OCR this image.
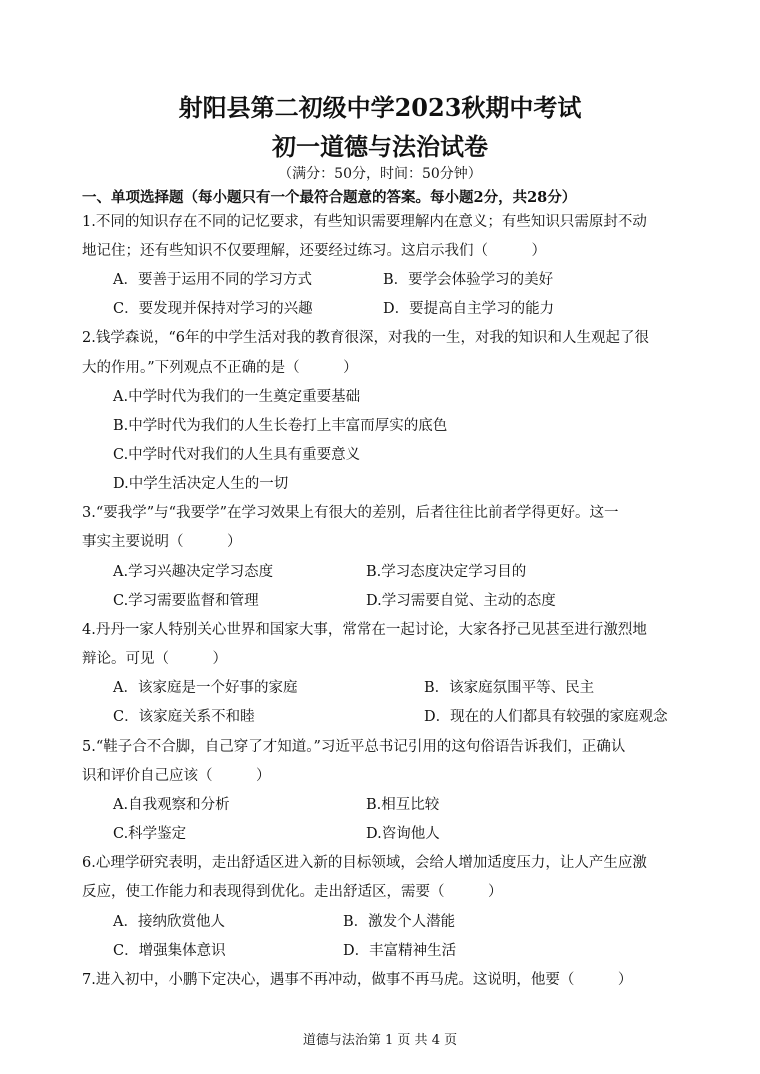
射阳县第二初级中学2023秋期中考试
初一道德与法治试卷
（满分：50分，时间：50分钟）
一、单项选择题（每小题只有一个最符合题意的答案。每小题2分，共28分）
1.不同的知识存在不同的记忆要求，有些知识需要理解内在意义；有些知识只需原封不动
地记住；还有些知识不仅要理解，还要经过练习。这启示我们（　　　）
A．要善于运用不同的学习方式	B．要学会体验学习的美好
C．要发现并保持对学习的兴趣	D．要提高自主学习的能力
2.钱学森说，“6年的中学生活对我的教育很深，对我的一生，对我的知识和人生观起了很
大的作用。”下列观点不正确的是（　　　）
A.中学时代为我们的一生奠定重要基础
B.中学时代为我们的人生长卷打上丰富而厚实的底色
C.中学时代对我们的人生具有重要意义
D.中学生活决定人生的一切
3.“要我学”与“我要学”在学习效果上有很大的差别，后者往往比前者学得更好。这一
事实主要说明（　　　）
A.学习兴趣决定学习态度	B.学习态度决定学习目的
C.学习需要监督和管理	D.学习需要自觉、主动的态度
4.丹丹一家人特别关心世界和国家大事，常常在一起讨论，大家各抒己见甚至进行激烈地
辩论。可见（　　　）
A．该家庭是一个好事的家庭	B．该家庭氛围平等、民主
C．该家庭关系不和睦	D．现在的人们都具有较强的家庭观念
5.“鞋子合不合脚，自己穿了才知道。”习近平总书记引用的这句俗语告诉我们，正确认
识和评价自己应该（　　　）
A.自我观察和分析	B.相互比较
C.科学鉴定	D.咨询他人
6.心理学研究表明，走出舒适区进入新的目标领域，会给人增加适度压力，让人产生应激
反应，使工作能力和表现得到优化。走出舒适区，需要（　　　）
A．接纳欣赏他人	B．激发个人潜能
C．增强集体意识	D．丰富精神生活
7.进入初中，小鹏下定决心，遇事不再冲动，做事不再马虎。这说明，他要（　　　）
道德与法治第 1 页 共 4 页
